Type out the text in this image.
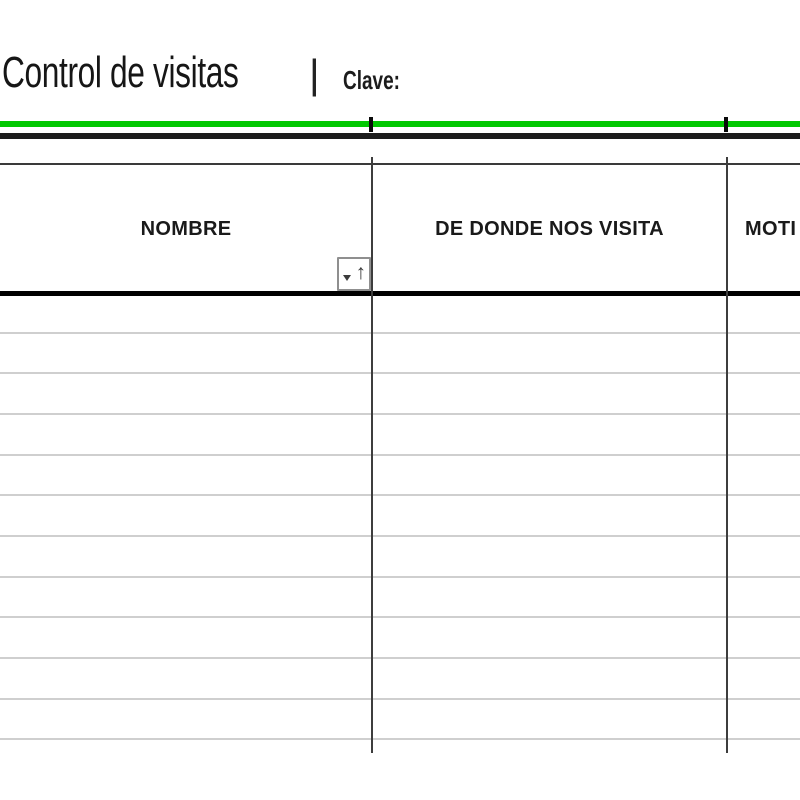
Control de visitas | Clave:
NOMBRE
↑
DE DONDE NOS VISITA	MOTI
